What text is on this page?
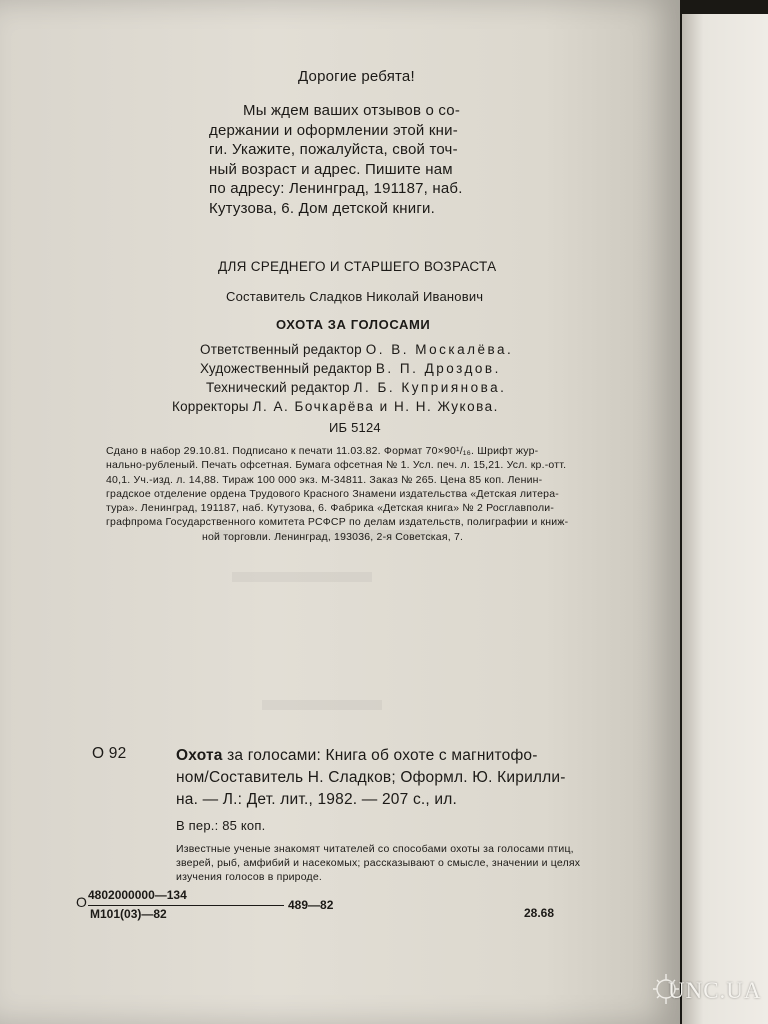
Дорогие ребята!
Мы ждем ваших отзывов о со-
держании и оформлении этой кни-
ги. Укажите, пожалуйста, свой точ-
ный возраст и адрес. Пишите нам
по адресу: Ленинград, 191187, наб.
Кутузова, 6. Дом детской книги.
ДЛЯ СРЕДНЕГО И СТАРШЕГО ВОЗРАСТА
Составитель Сладков Николай Иванович
ОХОТА ЗА ГОЛОСАМИ
Ответственный редактор О. В. Москалёва.
Художественный редактор В. П. Дроздов.
Технический редактор Л. Б. Куприянова.
Корректоры Л. А. Бочкарёва и Н. Н. Жукова.
ИБ 5124
Сдано в набор 29.10.81. Подписано к печати 11.03.82. Формат 70×90¹/₁₆. Шрифт жур-
нально-рубленый. Печать офсетная. Бумага офсетная № 1. Усл. печ. л. 15,21. Усл. кр.-отт.
40,1. Уч.-изд. л. 14,88. Тираж 100 000 экз. М-34811. Заказ № 265. Цена 85 коп. Ленин-
градское отделение ордена Трудового Красного Знамени издательства «Детская литера-
тура». Ленинград, 191187, наб. Кутузова, 6. Фабрика «Детская книга» № 2 Росглавполи-
графпрома Государственного комитета РСФСР по делам издательств, полиграфии и книж-
ной торговли. Ленинград, 193036, 2-я Советская, 7.
О 92	Охота за голосами: Книга об охоте с магнитофо-
ном/Составитель Н. Сладков; Оформл. Ю. Кирилли-
на. — Л.: Дет. лит., 1982. — 207 с., ил.
В пер.: 85 коп.
Известные ученые знакомят читателей со способами охоты за голосами птиц,
зверей, рыб, амфибий и насекомых; рассказывают о смысле, значении и целях
изучения голосов в природе.
О 4802000000—134
М101(03)—82
489—82
28.68
UNC.UA
